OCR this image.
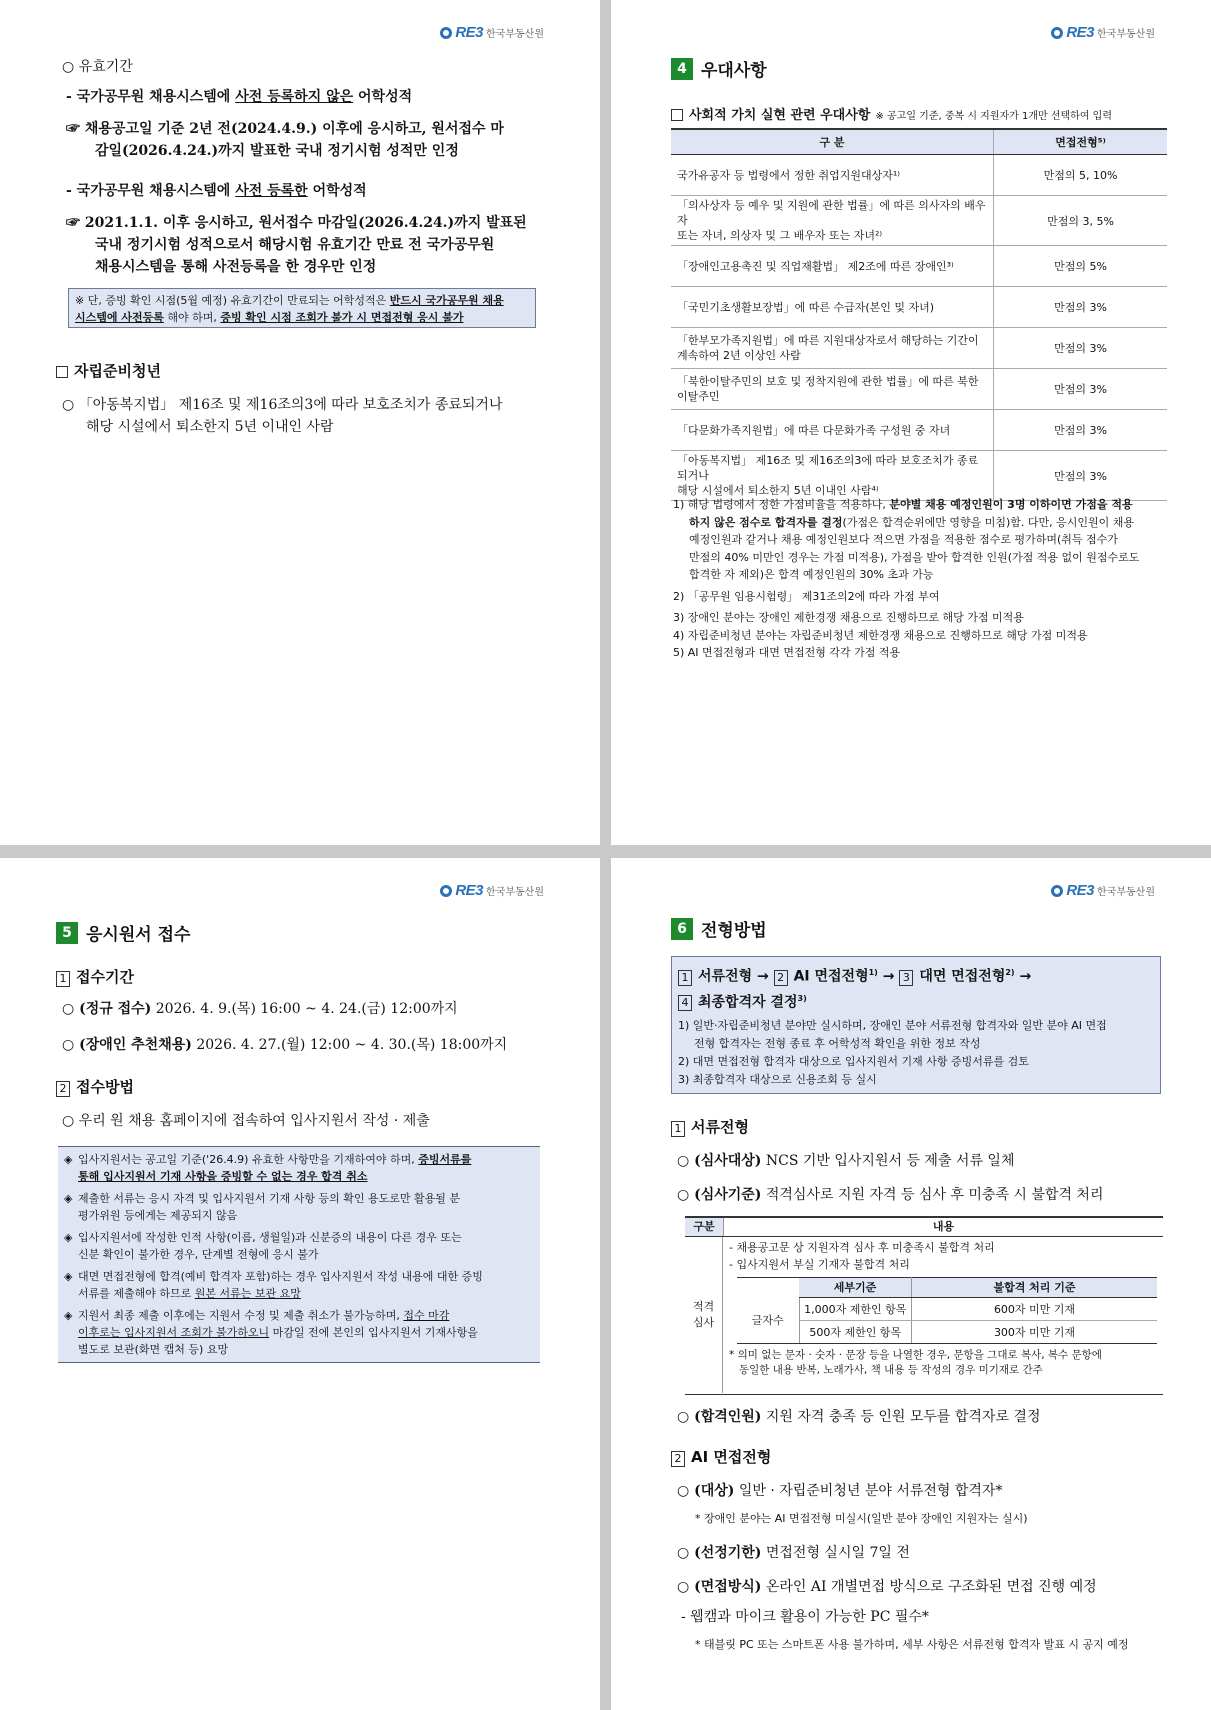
RE3 한국부동산원
○ 유효기간
- 국가공무원 채용시스템에 사전 등록하지 않은 어학성적
☞ 채용공고일 기준 2년 전(2024.4.9.) 이후에 응시하고, 원서접수 마
감일(2026.4.24.)까지 발표한 국내 정기시험 성적만 인정
- 국가공무원 채용시스템에 사전 등록한 어학성적
☞ 2021.1.1. 이후 응시하고, 원서접수 마감일(2026.4.24.)까지 발표된
국내 정기시험 성적으로서 해당시험 유효기간 만료 전 국가공무원
채용시스템을 통해 사전등록을 한 경우만 인정
※ 단, 증빙 확인 시점(5월 예정) 유효기간이 만료되는 어학성적은 반드시 국가공무원 채용
시스템에 사전등록 해야 하며, 증빙 확인 시점 조회가 불가 시 면접전형 응시 불가
자립준비청년
○ 「아동복지법」 제16조 및 제16조의3에 따라 보호조치가 종료되거나
해당 시설에서 퇴소한지 5년 이내인 사람
RE3 한국부동산원
4 우대사항
사회적 가치 실현 관련 우대사항 ※ 공고일 기준, 중복 시 지원자가 1개만 선택하여 입력
구 분	면접전형⁵⁾

국가유공자 등 법령에서 정한 취업지원대상자¹⁾	만점의 5, 10%

「의사상자 등 예우 및 지원에 관한 법률」에 따른 의사자의 배우자
또는 자녀, 의상자 및 그 배우자 또는 자녀²⁾	만점의 3, 5%

「장애인고용촉진 및 직업재활법」 제2조에 따른 장애인³⁾	만점의 5%

「국민기초생활보장법」에 따른 수급자(본인 및 자녀)	만점의 3%

「한부모가족지원법」에 따른 지원대상자로서 해당하는 기간이
계속하여 2년 이상인 사람	만점의 3%

「북한이탈주민의 보호 및 정착지원에 관한 법률」에 따른 북한
이탈주민	만점의 3%

「다문화가족지원법」에 따른 다문화가족 구성원 중 자녀	만점의 3%

「아동복지법」 제16조 및 제16조의3에 따라 보호조치가 종료되거나
해당 시설에서 퇴소한지 5년 이내인 사람⁴⁾	만점의 3%
1) 해당 법령에서 정한 가점비율을 적용하나, 분야별 채용 예정인원이 3명 이하이면 가점을 적용
하지 않은 점수로 합격자를 결정(가점은 합격순위에만 영향을 미침)함. 다만, 응시인원이 채용
예정인원과 같거나 채용 예정인원보다 적으면 가점을 적용한 점수로 평가하며(취득 점수가
만점의 40% 미만인 경우는 가점 미적용), 가점을 받아 합격한 인원(가점 적용 없이 원점수로도
합격한 자 제외)은 합격 예정인원의 30% 초과 가능
2) 「공무원 임용시험령」 제31조의2에 따라 가점 부여
3) 장애인 분야는 장애인 제한경쟁 채용으로 진행하므로 해당 가점 미적용
4) 자립준비청년 분야는 자립준비청년 제한경쟁 채용으로 진행하므로 해당 가점 미적용
5) AI 면접전형과 대면 면접전형 각각 가점 적용
RE3 한국부동산원
5 응시원서 접수
1 접수기간
○ (정규 접수) 2026. 4. 9.(목) 16:00 ~ 4. 24.(금) 12:00까지
○ (장애인 추천채용) 2026. 4. 27.(월) 12:00 ~ 4. 30.(목) 18:00까지
2 접수방법
○ 우리 원 채용 홈페이지에 접속하여 입사지원서 작성 · 제출
◈ 입사지원서는 공고일 기준('26.4.9) 유효한 사항만을 기재하여야 하며, 증빙서류를
통해 입사지원서 기재 사항을 증빙할 수 없는 경우 합격 취소
◈ 제출한 서류는 응시 자격 및 입사지원서 기재 사항 등의 확인 용도로만 활용될 분
평가위원 등에게는 제공되지 않음
◈ 입사지원서에 작성한 인적 사항(이름, 생월일)과 신분증의 내용이 다른 경우 또는
신분 확인이 불가한 경우, 단계별 전형에 응시 불가
◈ 대면 면접전형에 합격(예비 합격자 포함)하는 경우 입사지원서 작성 내용에 대한 증빙
서류를 제출해야 하므로 원본 서류는 보관 요망
◈ 지원서 최종 제출 이후에는 지원서 수정 및 제출 취소가 불가능하며, 접수 마감
이후로는 입사지원서 조회가 불가하오니 마감일 전에 본인의 입사지원서 기재사항을
별도로 보관(화면 캡처 등) 요망
RE3 한국부동산원
6 전형방법
1 서류전형 → 2 AI 면접전형$^{1)}$ → 3 대면 면접전형$^{2)}$ →
4 최종합격자 결정$^{3)}$
1) 일반·자립준비청년 분야만 실시하며, 장애인 분야 서류전형 합격자와 일반 분야 AI 면접
전형 합격자는 전형 종료 후 어학성적 확인을 위한 정보 작성
2) 대면 면접전형 합격자 대상으로 입사지원서 기재 사항 증빙서류를 검토
3) 최종합격자 대상으로 신용조회 등 실시
1 서류전형
○ (심사대상) NCS 기반 입사지원서 등 제출 서류 일체
○ (심사기준) 적격심사로 지원 자격 등 심사 후 미충족 시 불합격 처리
구분	내용
적격
심사
- 채용공고문 상 지원자격 심사 후 미충족시 불합격 처리
- 입사지원서 부실 기재자 불합격 처리
	세부기준	불합격 처리 기준
글자수	1,000자 제한인 항목	600자 미만 기재
	500자 제한인 항목	300자 미만 기재
* 의미 없는 문자 · 숫자 · 문장 등을 나열한 경우, 문항을 그대로 복사, 복수 문항에
동일한 내용 반복, 노래가사, 책 내용 등 작성의 경우 미기재로 간주
○ (합격인원) 지원 자격 충족 등 인원 모두를 합격자로 결정
2 AI 면접전형
○ (대상) 일반 · 자립준비청년 분야 서류전형 합격자*
* 장애인 분야는 AI 면접전형 미실시(일반 분야 장애인 지원자는 실시)
○ (선정기한) 면접전형 실시일 7일 전
○ (면접방식) 온라인 AI 개별면접 방식으로 구조화된 면접 진행 예정
- 웹캠과 마이크 활용이 가능한 PC 필수*
* 태블릿 PC 또는 스마트폰 사용 불가하며, 세부 사항은 서류전형 합격자 발표 시 공지 예정
